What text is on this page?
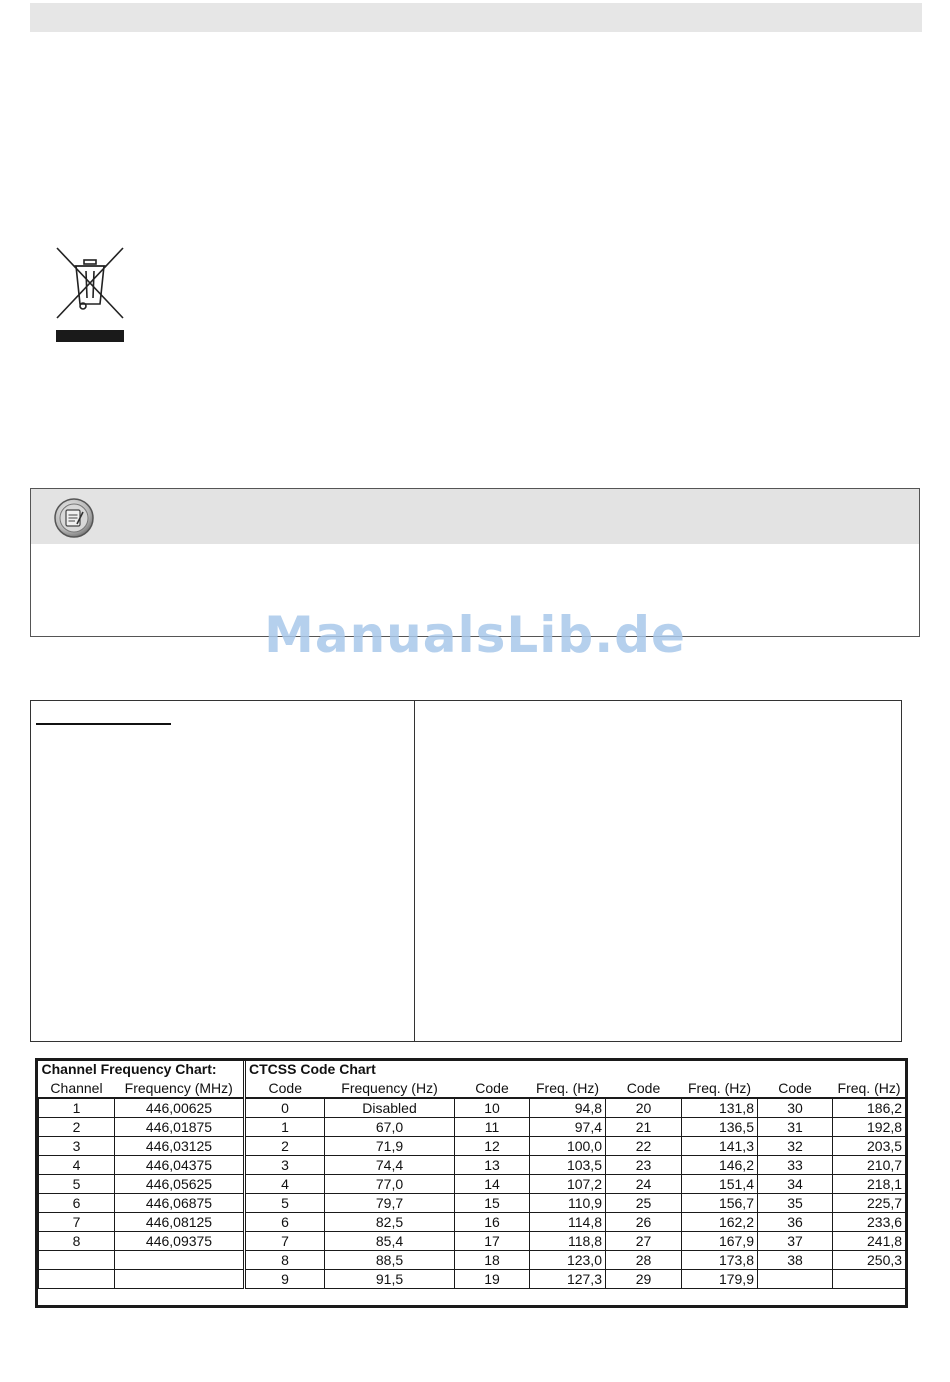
ManualsLib.de
Channel Frequency Chart:		CTCSS Code Chart							
Channel	Frequency (MHz)	Code	Frequency (Hz)	Code	Freq. (Hz)	Code	Freq. (Hz)	Code	Freq. (Hz)
1	446,00625	0	Disabled	10	94,8	20	131,8	30	186,2
2	446,01875	1	67,0	11	97,4	21	136,5	31	192,8
3	446,03125	2	71,9	12	100,0	22	141,3	32	203,5
4	446,04375	3	74,4	13	103,5	23	146,2	33	210,7
5	446,05625	4	77,0	14	107,2	24	151,4	34	218,1
6	446,06875	5	79,7	15	110,9	25	156,7	35	225,7
7	446,08125	6	82,5	16	114,8	26	162,2	36	233,6
8	446,09375	7	85,4	17	118,8	27	167,9	37	241,8
		8	88,5	18	123,0	28	173,8	38	250,3
		9	91,5	19	127,3	29	179,9		
